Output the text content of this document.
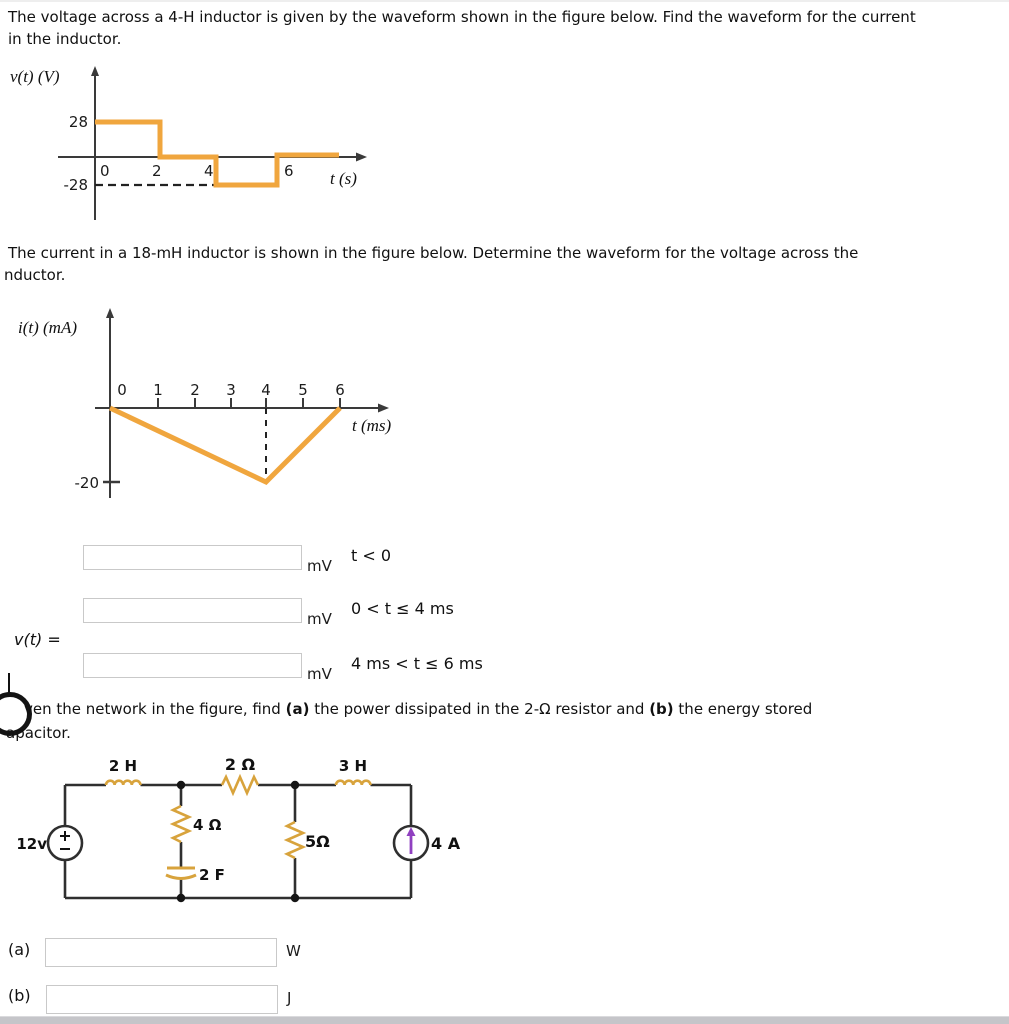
The voltage across a 4-H inductor is given by the waveform shown in the figure below. Find the waveform for the current
in the inductor.
v(t) (V)
28
-28
0	2	4	6 t (s)
The current in a 18-mH inductor is shown in the figure below. Determine the waveform for the voltage across the
nductor.
i(t) (mA)
0 1 2 3 4 5 6
-20
t (ms)
mV
t < 0
mV
0 < t ≤ 4 ms
v(t) =
mV
4 ms < t ≤ 6 ms
ven the network in the figure, find (a) the power dissipated in the 2-Ω resistor and (b) the energy stored
apacitor.
12v
2 H	2 Ω	3 H
4 Ω
2 F
5Ω	4 A
(a)	W
(b)	J
